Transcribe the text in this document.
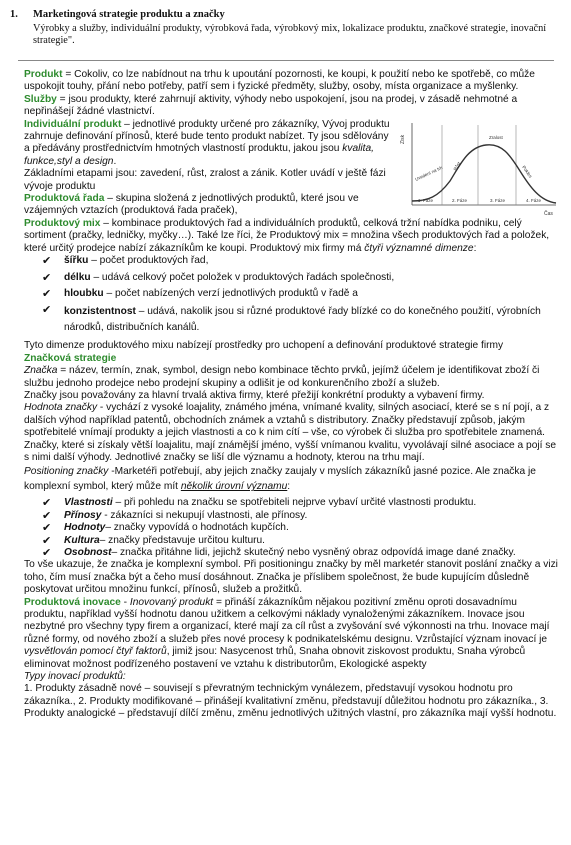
1. Marketingová strategie produktu a značky
Výrobky a služby, individuální produkty, výrobková řada, výrobkový mix, lokalizace produktu, značkové strategie, inovační strategie".

Produkt = Cokoliv, co lze nabídnout na trhu k upoutání pozornosti, ke koupi, k použití nebo ke spotřebě, co může uspokojit touhy, přání nebo potřeby, patří sem i fyzické předměty, služby, osoby, místa organizace a myšlenky.

Služby = jsou produkty, které zahrnují aktivity, výhody nebo uspokojení, jsou na prodej, v zásadě nehmotné a nepřinášejí žádné vlastnictví.

Zisk
Čas
1. Fáze	2. Fáze	3. Fáze	4. Fáze
Uvedení na trh Růst
Zralost
Pokles

Individuální produkt – jednotlivé produkty určené pro zákazníky, Vývoj produktu zahrnuje definování přínosů, které bude tento produkt nabízet. Ty jsou sdělovány a předávány prostřednictvím hmotných vlastností produktu, jakou jsou kvalita, funkce,styl a design.

Základními etapami jsou: zavedení, růst, zralost a zánik. Kotler uvádí v ještě fázi vývoje produktu

Produktová řada – skupina složená z jednotlivých produktů, které jsou ve vzájemných vztazích (produktová řada praček),

Produktový mix – kombinace produktových řad a individuálních produktů, celková tržní nabídka podniku, celý sortiment (pračky, ledničky, myčky…). Také lze říci, že Produktový mix = množina všech produktových řad a položek, které určitý prodejce nabízí zákazníkům ke koupi. Produktový mix firmy má čtyři významné dimenze:

✔	šířku – počet produktových řad,
✔	délku – udává celkový počet položek v produktových řadách společnosti,
✔	hloubku – počet nabízených verzí jednotlivých produktů v řadě a
✔	konzistentnost – udává, nakolik jsou si různé produktové řady blízké co do konečného použití, výrobních národků, distribučních kanálů.

Tyto dimenze produktového mixu nabízejí prostředky pro uchopení a definování produktové strategie firmy

Značková strategie

Značka = název, termín, znak, symbol, design nebo kombinace těchto prvků, jejímž účelem je identifikovat zboží či službu jednoho prodejce nebo prodejní skupiny a odlišit je od konkurenčního zboží a služeb.

Značky jsou považovány za hlavní trvalá aktiva firmy, které přežijí konkrétní produkty a vybavení firmy.

Hodnota značky - vychází z vysoké loajality, známého jména, vnímané kvality, silných asociací, které se s ní pojí, a z dalších výhod například patentů, obchodních známek a vztahů s distributory. Značky představují způsob, jakým spotřebitelé vnímají produkty a jejich vlastnosti a co k nim cítí – vše, co výrobek či služba pro spotřebitele znamená. Značky, které si získaly větší loajalitu, mají známější jméno, vyšší vnímanou kvalitu, vyvolávají silné asociace a pojí se s nimi další výhody. Jednotlivé značky se liší dle významu a hodnoty, kterou na trhu mají.

Positioning značky -Marketéři potřebují, aby jejich značky zaujaly v myslích zákazníků jasné pozice. Ale značka je komplexní symbol, který může mít několik úrovní významu:

✔	Vlastnosti – při pohledu na značku se spotřebiteli nejprve vybaví určité vlastnosti produktu.
✔	Přínosy - zákazníci si nekupují vlastnosti, ale přínosy.
✔	Hodnoty– značky vypovídá o hodnotách kupčích.
✔	Kultura– značky představuje určitou kulturu.
✔	Osobnost– značka přitáhne lidi, jejichž skutečný nebo vysněný obraz odpovídá image dané značky.

To vše ukazuje, že značka je komplexní symbol. Při positioningu značky by měl marketér stanovit poslání značky a vizi toho, čím musí značka být a čeho musí dosáhnout. Značka je příslibem společnost, že bude kupujícím důsledně poskytovat určitou množinu funkcí, přínosů, služeb a prožitků.

Produktová inovace - Inovovaný produkt = přináší zákazníkům nějakou pozitivní změnu oproti dosavadnímu produktu, například vyšší hodnotu danou užitkem a celkovými náklady vynaloženými zákazníkem. Inovace jsou nezbytné pro všechny typy firem a organizací, které mají za cíl růst a zvyšování své výkonnosti na trhu. Inovace mají různé formy, od nového zboží a služeb přes nové procesy k podnikatelskému designu. Vzrůstající význam inovací je vysvětlován pomocí čtyř faktorů, jimiž jsou: Nasycenost trhů, Snaha obnovit ziskovost produktu, Snaha výrobců eliminovat možnost podřízeného postavení ve vztahu k distributorům, Ekologické aspekty

Typy inovací produktů:

1. Produkty zásadně nové – souvisejí s převratným technickým vynálezem, představují vysokou hodnotu pro zákazníka., 2. Produkty modifikované – přinášejí kvalitativní změnu, představují důležitou hodnotu pro zákazníka., 3. Produkty analogické – představují dílčí změnu, změnu jednotlivých užitných vlastní, pro zákazníka mají vyšší hodnotu.
